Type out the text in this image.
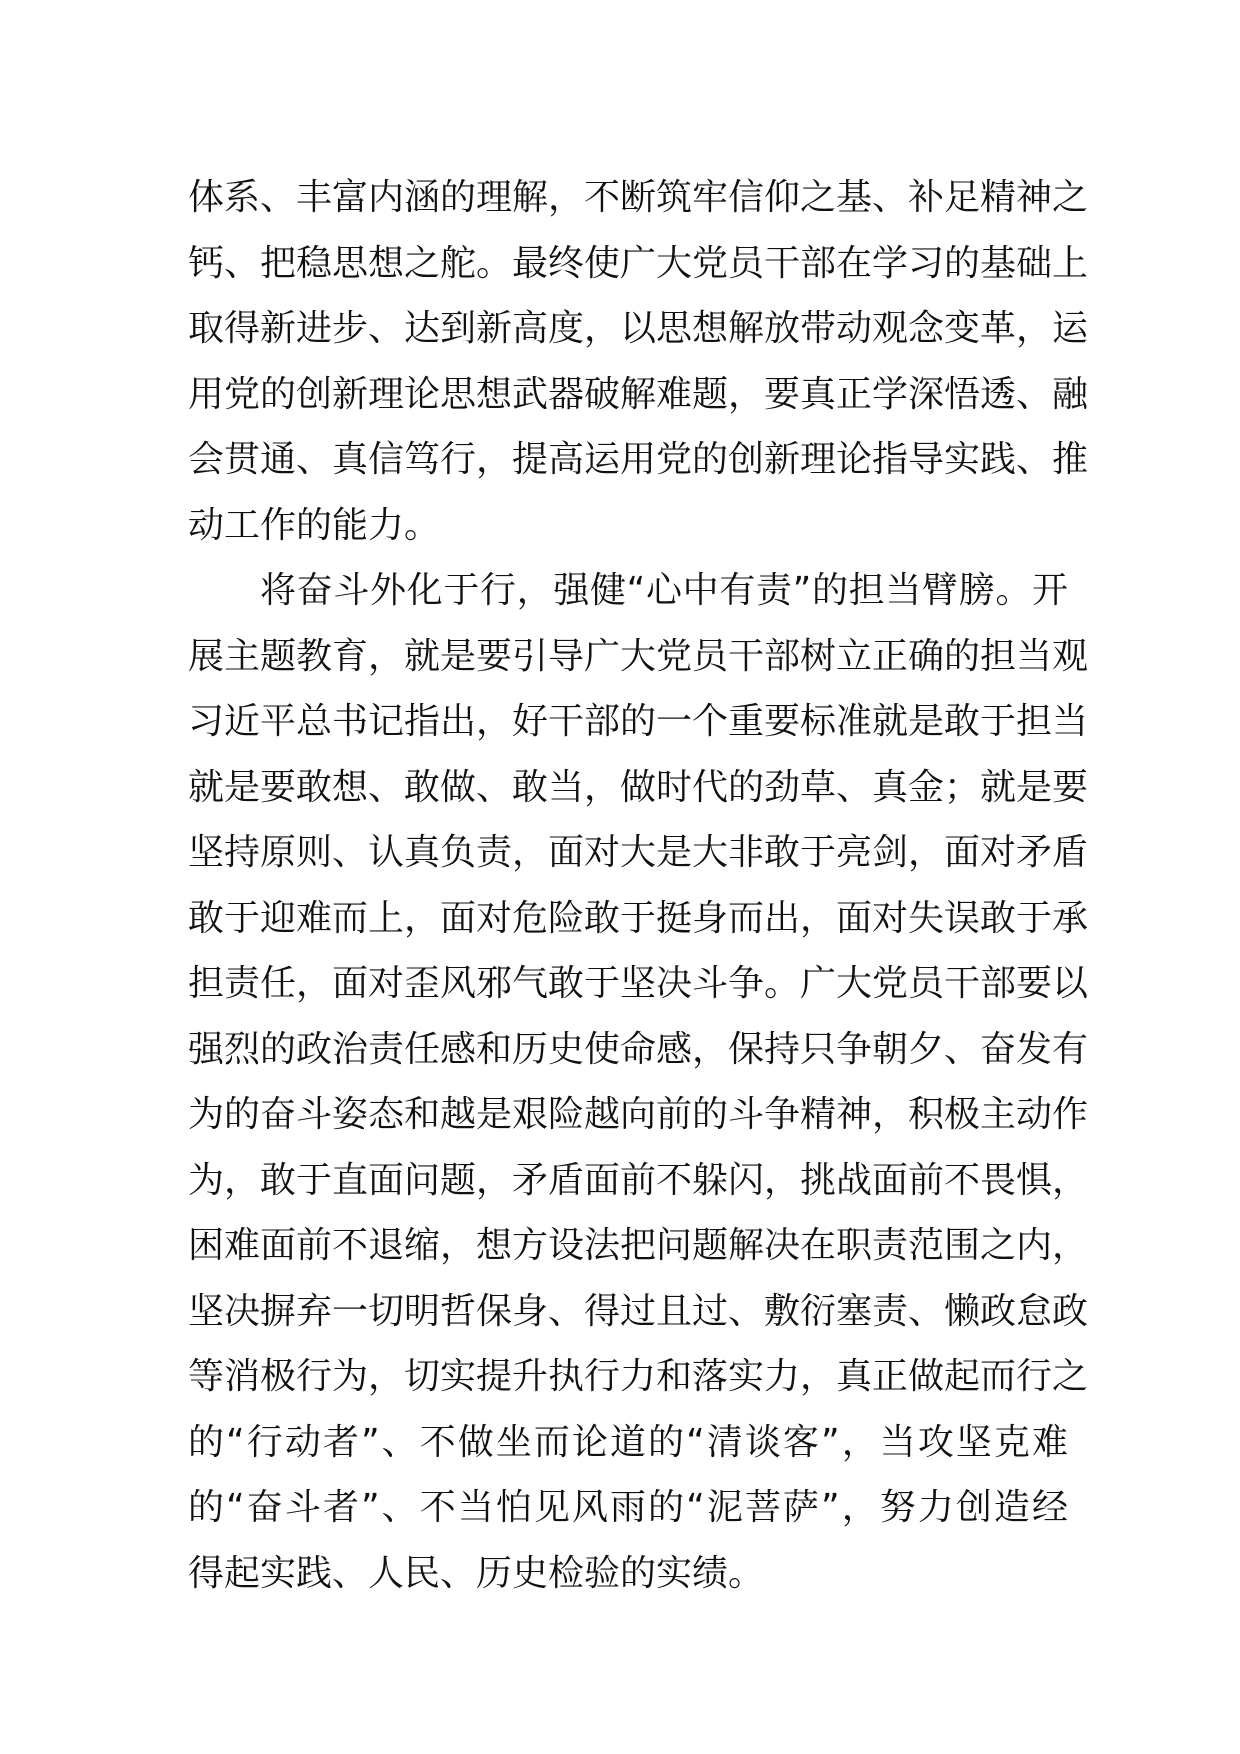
体系、丰富内涵的理解，不断筑牢信仰之基、补足精神之
钙、把稳思想之舵。最终使广大党员干部在学习的基础上
取得新进步、达到新高度，以思想解放带动观念变革，运
用党的创新理论思想武器破解难题，要真正学深悟透、融
会贯通、真信笃行，提高运用党的创新理论指导实践、推
动工作的能力。
将奋斗外化于行，强健“心中有责”的担当臂膀。开
展主题教育，就是要引导广大党员干部树立正确的担当观
习近平总书记指出，好干部的一个重要标准就是敢于担当
就是要敢想、敢做、敢当，做时代的劲草、真金；就是要
坚持原则、认真负责，面对大是大非敢于亮剑，面对矛盾
敢于迎难而上，面对危险敢于挺身而出，面对失误敢于承
担责任，面对歪风邪气敢于坚决斗争。广大党员干部要以
强烈的政治责任感和历史使命感，保持只争朝夕、奋发有
为的奋斗姿态和越是艰险越向前的斗争精神，积极主动作
为，敢于直面问题，矛盾面前不躲闪，挑战面前不畏惧，
困难面前不退缩，想方设法把问题解决在职责范围之内，
坚决摒弃一切明哲保身、得过且过、敷衍塞责、懒政怠政
等消极行为，切实提升执行力和落实力，真正做起而行之
的“行动者”、不做坐而论道的“清谈客”，当攻坚克难
的“奋斗者”、不当怕见风雨的“泥菩萨”，努力创造经
得起实践、人民、历史检验的实绩。
